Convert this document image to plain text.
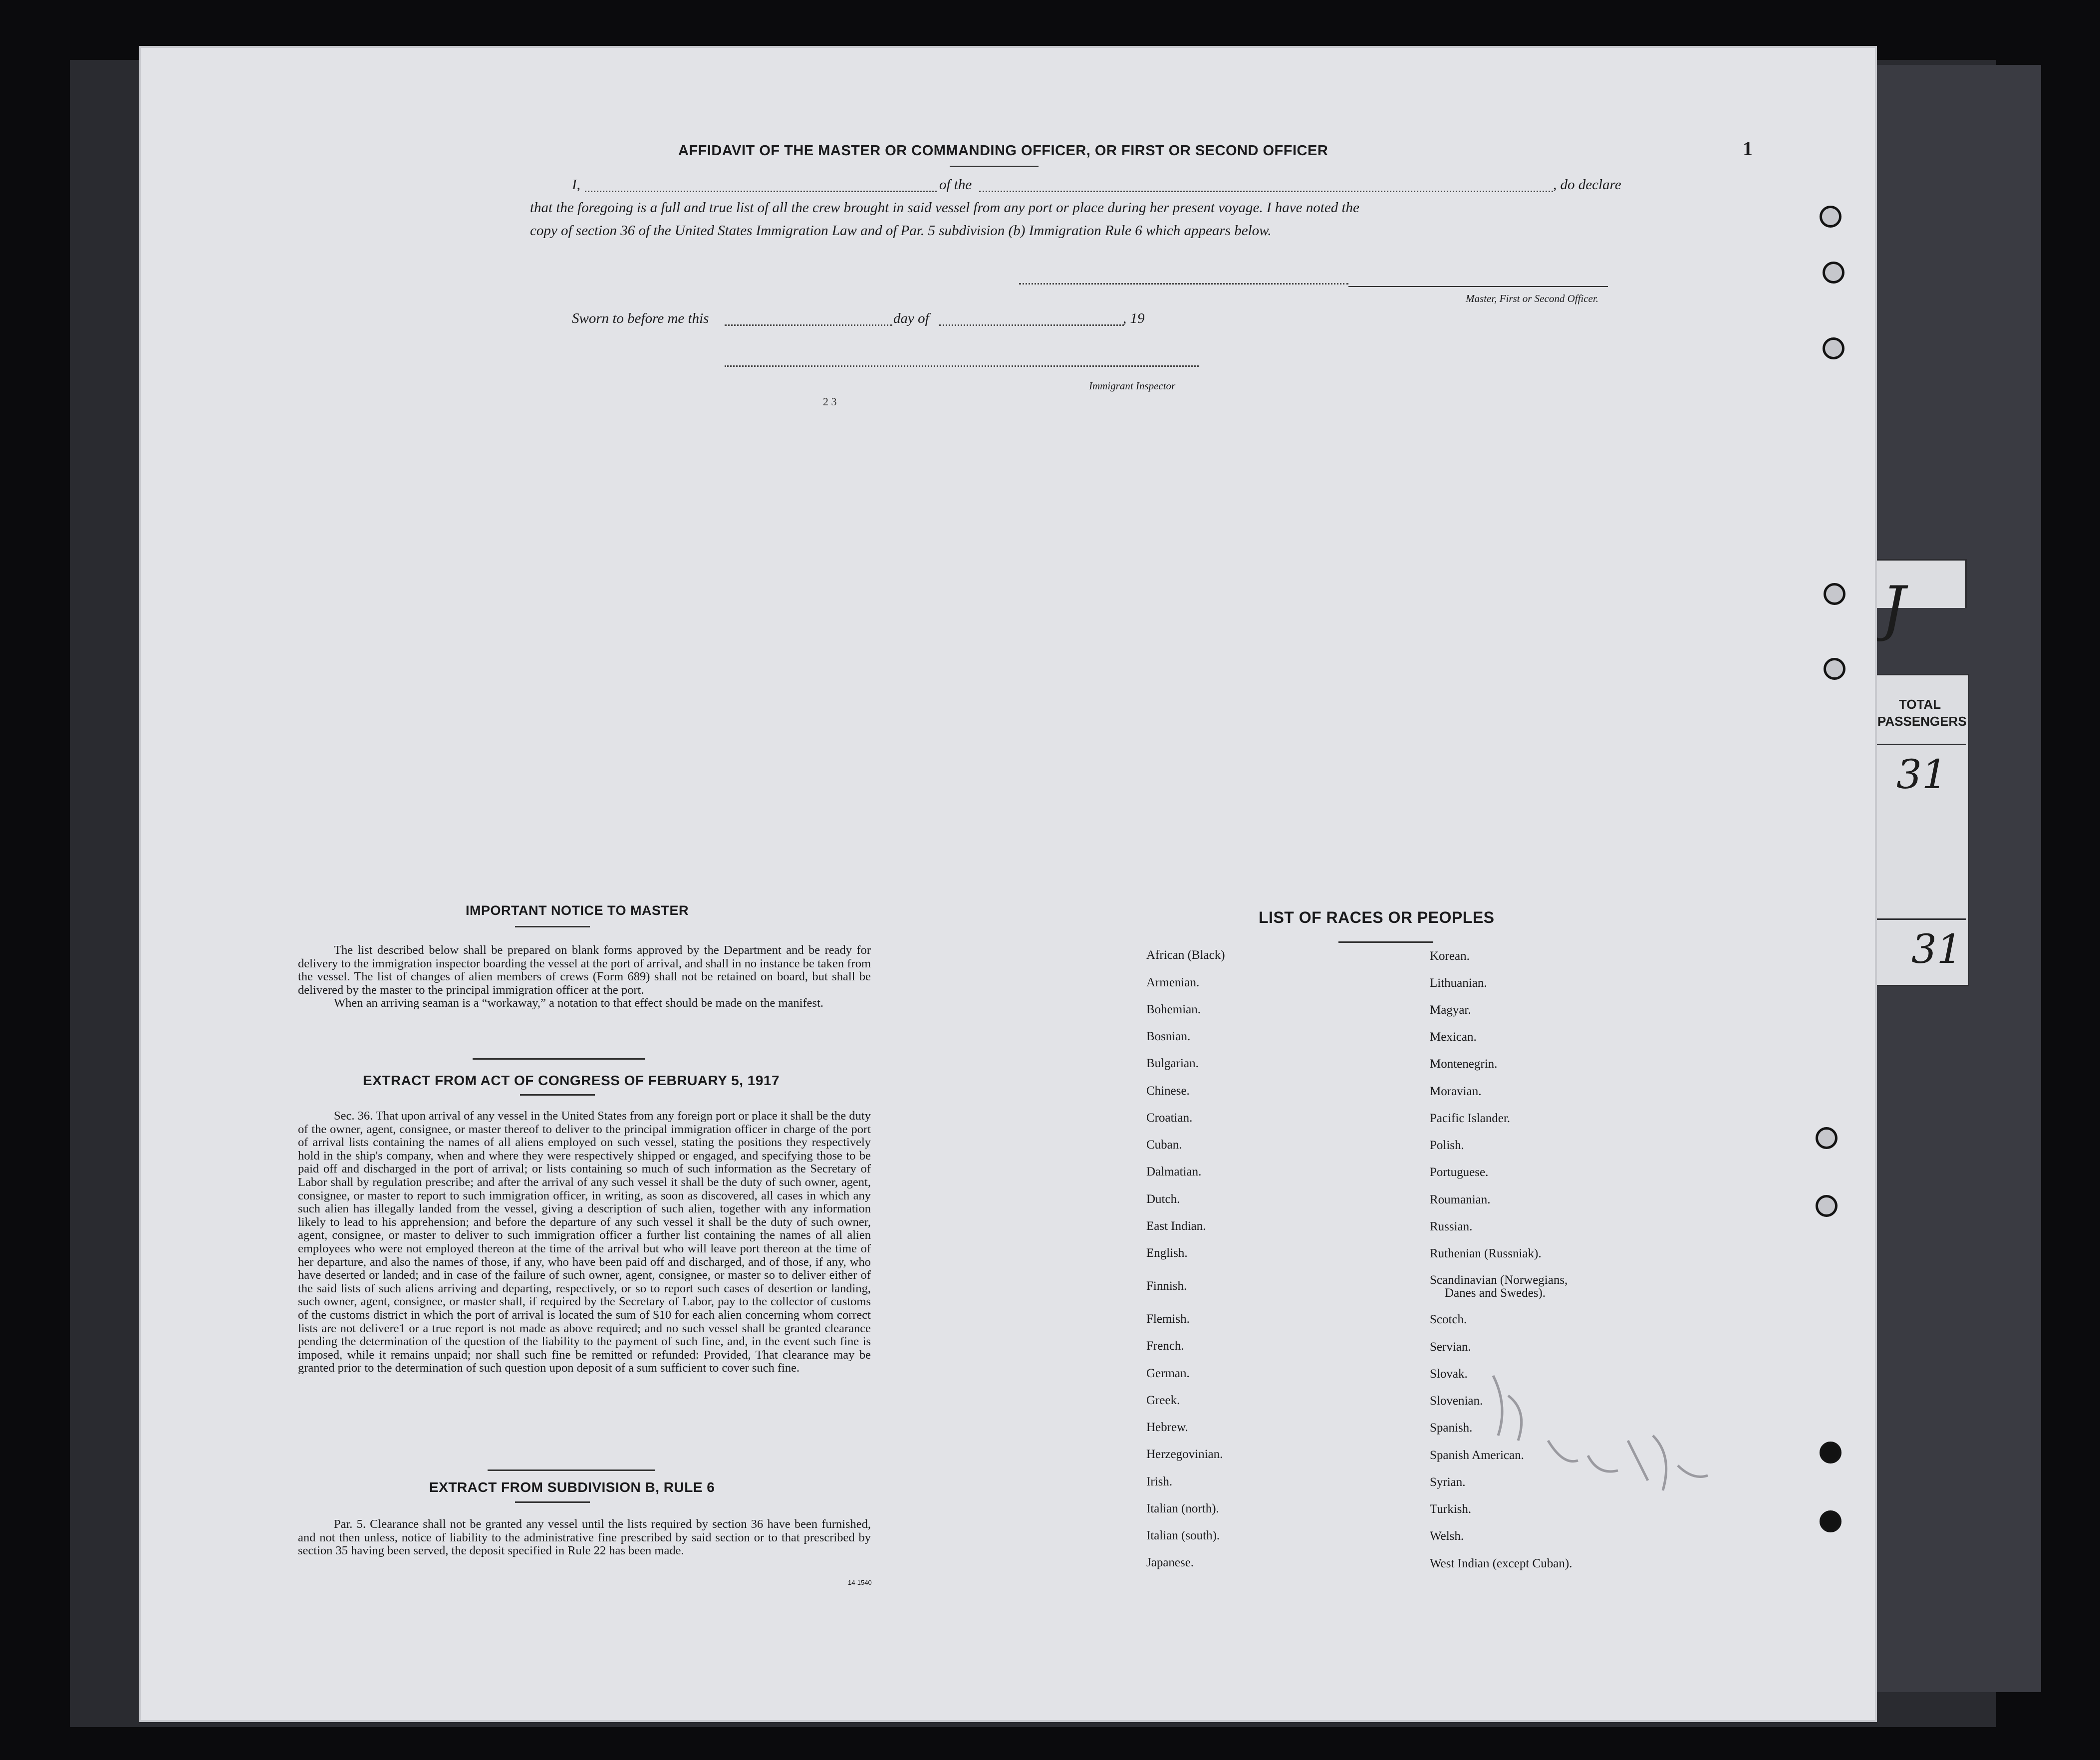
J
TOTAL
PASSENGERS
31
31
AFFIDAVIT OF THE MASTER OR COMMANDING OFFICER, OR FIRST OR SECOND OFFICER	1
I,	of the	, do declare
that the foregoing is a full and true list of all the crew brought in said vessel from any port or place during her present voyage. I have noted the
copy of section 36 of the United States Immigration Law and of Par. 5 subdivision (b) Immigration Rule 6 which appears below.
Master, First or Second Officer.
Sworn to before me this	day of	, 19
Immigrant Inspector
2 3
IMPORTANT NOTICE TO MASTER

The list described below shall be prepared on blank forms approved by the Department and be ready for delivery to the immigration inspector boarding the vessel at the port of arrival, and shall in no instance be taken from the vessel. The list of changes of alien members of crews (Form 689) shall not be retained on board, but shall be delivered by the master to the principal immigration officer at the port.

When an arriving seaman is a “workaway,” a notation to that effect should be made on the manifest.

EXTRACT FROM ACT OF CONGRESS OF FEBRUARY 5, 1917

Sec. 36. That upon arrival of any vessel in the United States from any foreign port or place it shall be the duty of the owner, agent, consignee, or master thereof to deliver to the principal immigration officer in charge of the port of arrival lists containing the names of all aliens employed on such vessel, stating the positions they respectively hold in the ship's company, when and where they were respectively shipped or engaged, and specifying those to be paid off and discharged in the port of arrival; or lists containing so much of such information as the Secretary of Labor shall by regulation prescribe; and after the arrival of any such vessel it shall be the duty of such owner, agent, consignee, or master to report to such immigration officer, in writing, as soon as discovered, all cases in which any such alien has illegally landed from the vessel, giving a description of such alien, together with any information likely to lead to his apprehension; and before the departure of any such vessel it shall be the duty of such owner, agent, consignee, or master to deliver to such immigration officer a further list containing the names of all alien employees who were not employed thereon at the time of the arrival but who will leave port thereon at the time of her departure, and also the names of those, if any, who have been paid off and discharged, and of those, if any, who have deserted or landed; and in case of the failure of such owner, agent, consignee, or master so to deliver either of the said lists of such aliens arriving and departing, respectively, or so to report such cases of desertion or landing, such owner, agent, consignee, or master shall, if required by the Secretary of Labor, pay to the collector of customs of the customs district in which the port of arrival is located the sum of $10 for each alien concerning whom correct lists are not delivere1 or a true report is not made as above required; and no such vessel shall be granted clearance pending the determination of the question of the liability to the payment of such fine, and, in the event such fine is imposed, while it remains unpaid; nor shall such fine be remitted or refunded: Provided, That clearance may be granted prior to the determination of such question upon deposit of a sum sufficient to cover such fine.

EXTRACT FROM SUBDIVISION B, RULE 6

Par. 5. Clearance shall not be granted any vessel until the lists required by section 36 have been furnished, and not then unless, notice of liability to the administrative fine prescribed by said section or to that prescribed by section 35 having been served, the deposit specified in Rule 22 has been made.

14-1540
LIST OF RACES OR PEOPLES
African (Black)
Armenian.
Bohemian.
Bosnian.
Bulgarian.
Chinese.
Croatian.
Cuban.
Dalmatian.
Dutch.
East Indian.
English.
Finnish.
Flemish.
French.
German.
Greek.
Hebrew.
Herzegovinian.
Irish.
Italian (north).
Italian (south).
Japanese.
Korean.
Lithuanian.
Magyar.
Mexican.
Montenegrin.
Moravian.
Pacific Islander.
Polish.
Portuguese.
Roumanian.
Russian.
Ruthenian (Russniak).
Scandinavian (Norwegians,
Danes and Swedes).
Scotch.
Servian.
Slovak.
Slovenian.
Spanish.
Spanish American.
Syrian.
Turkish.
Welsh.
West Indian (except Cuban).
